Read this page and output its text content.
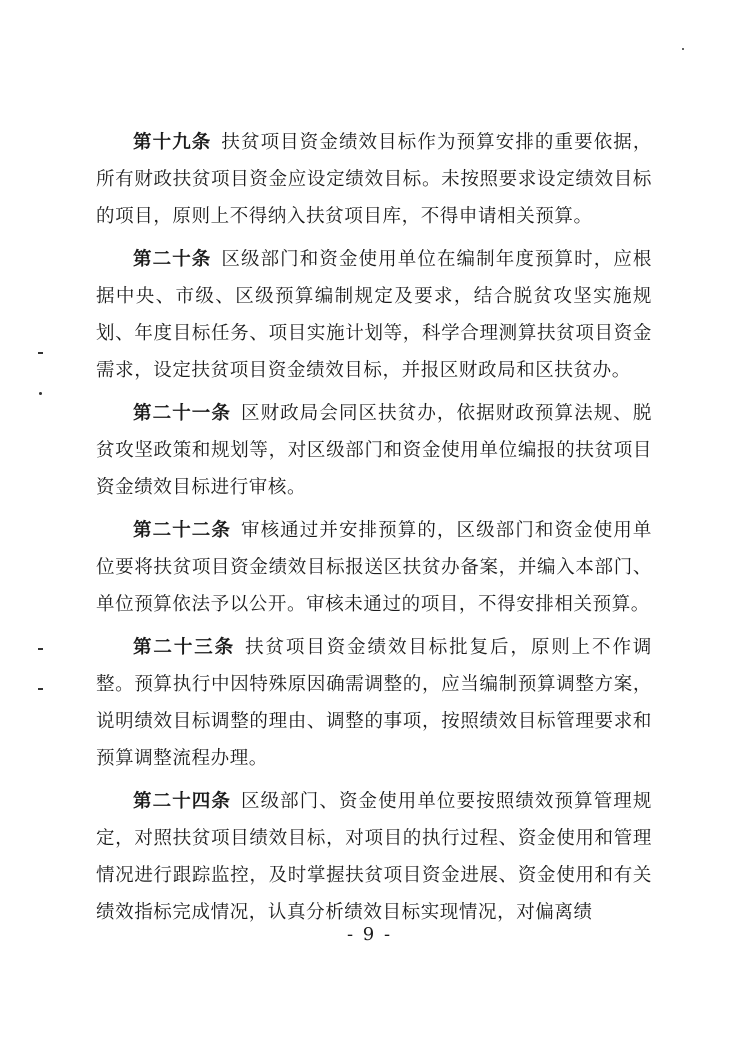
第十九条 扶贫项目资金绩效目标作为预算安排的重要依据，所有财政扶贫项目资金应设定绩效目标。未按照要求设定绩效目标的项目，原则上不得纳入扶贫项目库，不得申请相关预算。

第二十条 区级部门和资金使用单位在编制年度预算时，应根据中央、市级、区级预算编制规定及要求，结合脱贫攻坚实施规划、年度目标任务、项目实施计划等，科学合理测算扶贫项目资金需求，设定扶贫项目资金绩效目标，并报区财政局和区扶贫办。

第二十一条 区财政局会同区扶贫办，依据财政预算法规、脱贫攻坚政策和规划等，对区级部门和资金使用单位编报的扶贫项目资金绩效目标进行审核。

第二十二条 审核通过并安排预算的，区级部门和资金使用单位要将扶贫项目资金绩效目标报送区扶贫办备案，并编入本部门、单位预算依法予以公开。审核未通过的项目，不得安排相关预算。

第二十三条 扶贫项目资金绩效目标批复后，原则上不作调整。预算执行中因特殊原因确需调整的，应当编制预算调整方案，说明绩效目标调整的理由、调整的事项，按照绩效目标管理要求和预算调整流程办理。

第二十四条 区级部门、资金使用单位要按照绩效预算管理规定，对照扶贫项目绩效目标，对项目的执行过程、资金使用和管理情况进行跟踪监控，及时掌握扶贫项目资金进展、资金使用和有关绩效指标完成情况，认真分析绩效目标实现情况，对偏离绩

- 9 -
